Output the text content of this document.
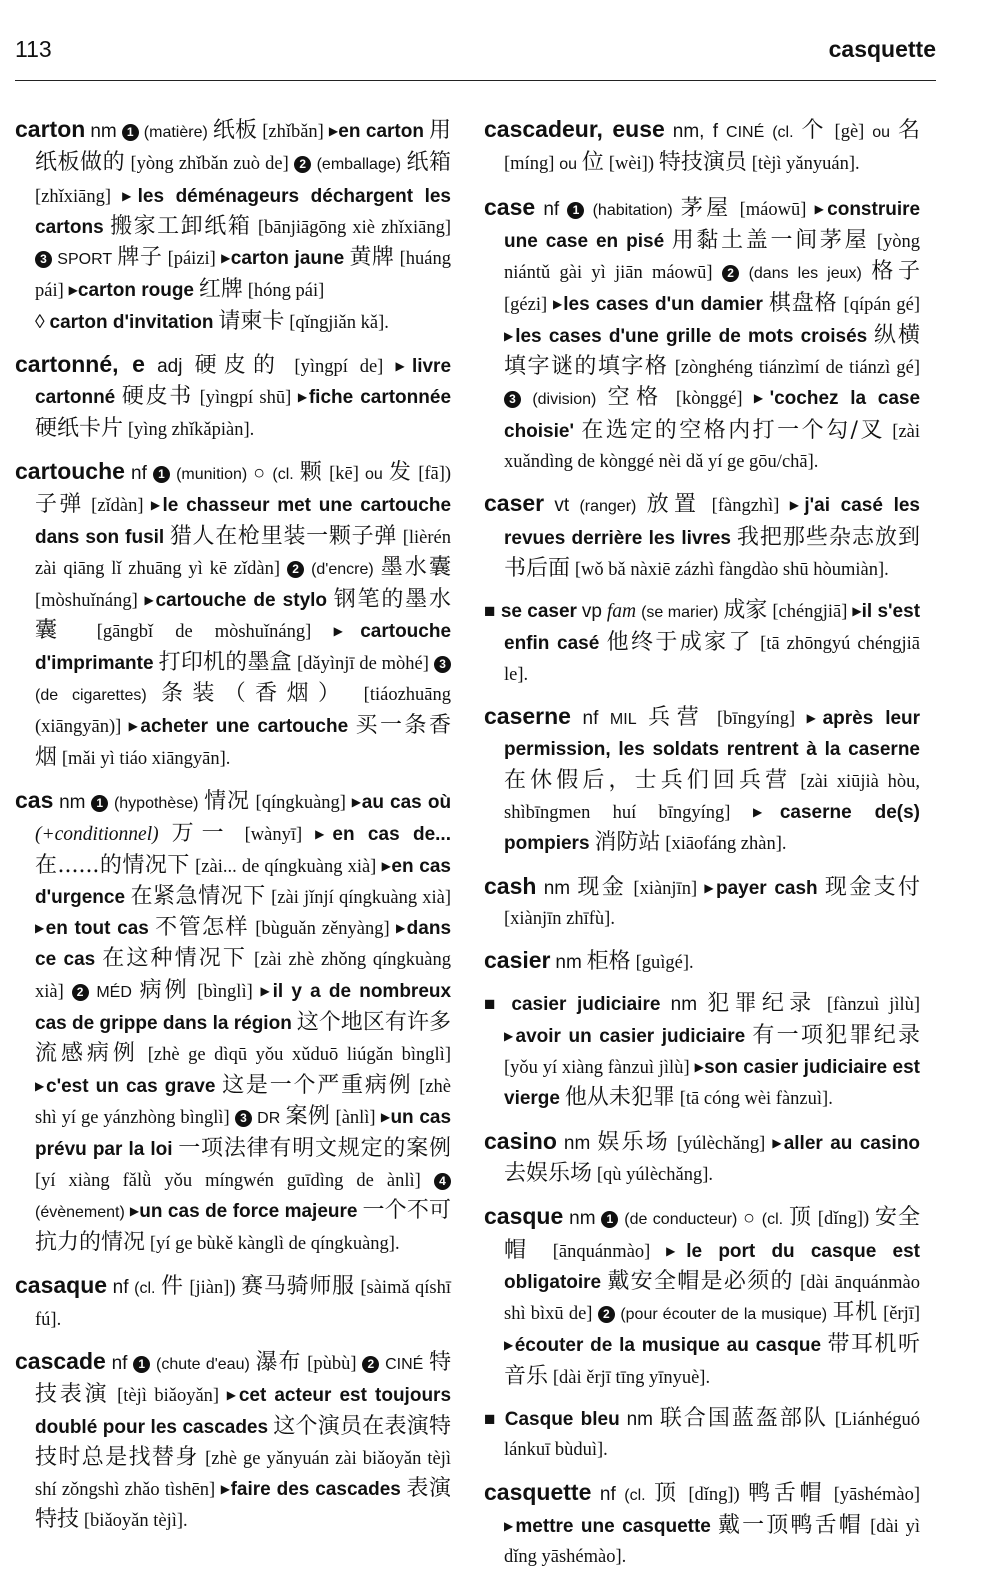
113	casquette

carton nm 1 (matière) 纸板 [zhǐbǎn] ▶en carton 用纸板做的 [yòng zhǐbǎn zuò de] 2 (emballage) 纸箱 [zhǐxiāng] ▶les déménageurs déchargent les cartons 搬家工卸纸箱 [bānjiāgōng xiè zhǐxiāng] 3 SPORT 牌子 [páizi] ▶carton jaune 黄牌 [huáng pái] ▶carton rouge 红牌 [hóng pái]
◊ carton d'invitation 请柬卡 [qǐngjiǎn kǎ].

cartonné, e adj 硬皮的 [yìngpí de] ▶livre cartonné 硬皮书 [yìngpí shū] ▶fiche cartonnée 硬纸卡片 [yìng zhǐkǎpiàn].

cartouche nf 1 (munition) ○ (cl. 颗 [kē] ou 发 [fā]) 子弹 [zǐdàn] ▶le chasseur met une cartouche dans son fusil 猎人在枪里装一颗子弹 [lièrén zài qiāng lǐ zhuāng yì kē zǐdàn] 2 (d'encre) 墨水囊 [mòshuǐnáng] ▶cartouche de stylo 钢笔的墨水囊 [gāngbǐ de mòshuǐnáng] ▶cartouche d'imprimante 打印机的墨盒 [dǎyìnjī de mòhé] 3 (de cigarettes) 条装（香烟） [tiáozhuāng (xiāngyān)] ▶acheter une cartouche 买一条香烟 [mǎi yì tiáo xiāngyān].

cas nm 1 (hypothèse) 情况 [qíngkuàng] ▶au cas où (+conditionnel) 万一 [wànyī] ▶en cas de... 在......的情况下 [zài... de qíngkuàng xià] ▶en cas d'urgence 在紧急情况下 [zài jǐnjí qíngkuàng xià] ▶en tout cas 不管怎样 [bùguǎn zěnyàng] ▶dans ce cas 在这种情况下 [zài zhè zhǒng qíngkuàng xià] 2 MÉD 病例 [bìnglì] ▶il y a de nombreux cas de grippe dans la région 这个地区有许多流感病例 [zhè ge dìqū yǒu xǔduō liúgǎn bìnglì] ▶c'est un cas grave 这是一个严重病例 [zhè shì yí ge yánzhòng bìnglì] 3 DR 案例 [ànlì] ▶un cas prévu par la loi 一项法律有明文规定的案例 [yí xiàng fǎlǜ yǒu míngwén guīdìng de ànlì] 4 (évènement) ▶un cas de force majeure 一个不可抗力的情况 [yí ge bùkě kànglì de qíngkuàng].

casaque nf (cl. 件 [jiàn]) 赛马骑师服 [sàimǎ qíshī fú].

cascade nf 1 (chute d'eau) 瀑布 [pùbù] 2 CINÉ 特技表演 [tèjì biǎoyǎn] ▶cet acteur est toujours doublé pour les cascades 这个演员在表演特技时总是找替身 [zhè ge yǎnyuán zài biǎoyǎn tèjì shí zǒngshì zhǎo tìshēn] ▶faire des cascades 表演特技 [biǎoyǎn tèjì].

cascadeur, euse nm, f CINÉ (cl. 个 [gè] ou 名 [míng] ou 位 [wèi]) 特技演员 [tèjì yǎnyuán].

case nf 1 (habitation) 茅屋 [máowū] ▶construire une case en pisé 用黏土盖一间茅屋 [yòng niántǔ gài yì jiān máowū] 2 (dans les jeux) 格子 [gézi] ▶les cases d'un damier 棋盘格 [qípán gé] ▶les cases d'une grille de mots croisés 纵横填字谜的填字格 [zònghéng tiánzìmí de tiánzì gé] 3 (division) 空格 [kònggé] ▶'cochez la case choisie' 在选定的空格内打一个勾/叉 [zài xuǎndìng de kònggé nèi dǎ yí ge gōu/chā].

caser vt (ranger) 放置 [fàngzhì] ▶j'ai casé les revues derrière les livres 我把那些杂志放到书后面 [wǒ bǎ nàxiē zázhì fàngdào shū hòumiàn].

■ se caser vp fam (se marier) 成家 [chéngjiā] ▶il s'est enfin casé 他终于成家了 [tā zhōngyú chéngjiā le].

caserne nf MIL 兵营 [bīngyíng] ▶après leur permission, les soldats rentrent à la caserne 在休假后，士兵们回兵营 [zài xiūjià hòu, shìbīngmen huí bīngyíng] ▶caserne de(s) pompiers 消防站 [xiāofáng zhàn].

cash nm 现金 [xiànjīn] ▶payer cash 现金支付 [xiànjīn zhīfù].

casier nm 柜格 [guìgé].

■ casier judiciaire nm 犯罪纪录 [fànzuì jìlù] ▶avoir un casier judiciaire 有一项犯罪纪录 [yǒu yí xiàng fànzuì jìlù] ▶son casier judiciaire est vierge 他从未犯罪 [tā cóng wèi fànzuì].

casino nm 娱乐场 [yúlèchǎng] ▶aller au casino 去娱乐场 [qù yúlèchǎng].

casque nm 1 (de conducteur) ○ (cl. 顶 [dǐng]) 安全帽 [ānquánmào] ▶le port du casque est obligatoire 戴安全帽是必须的 [dài ānquánmào shì bìxū de] 2 (pour écouter de la musique) 耳机 [ěrjī] ▶écouter de la musique au casque 带耳机听音乐 [dài ěrjī tīng yīnyuè].

■ Casque bleu nm 联合国蓝盔部队 [Liánhéguó lánkuī bùduì].

casquette nf (cl. 顶 [dǐng]) 鸭舌帽 [yāshémào] ▶mettre une casquette 戴一顶鸭舌帽 [dài yì dǐng yāshémào].
